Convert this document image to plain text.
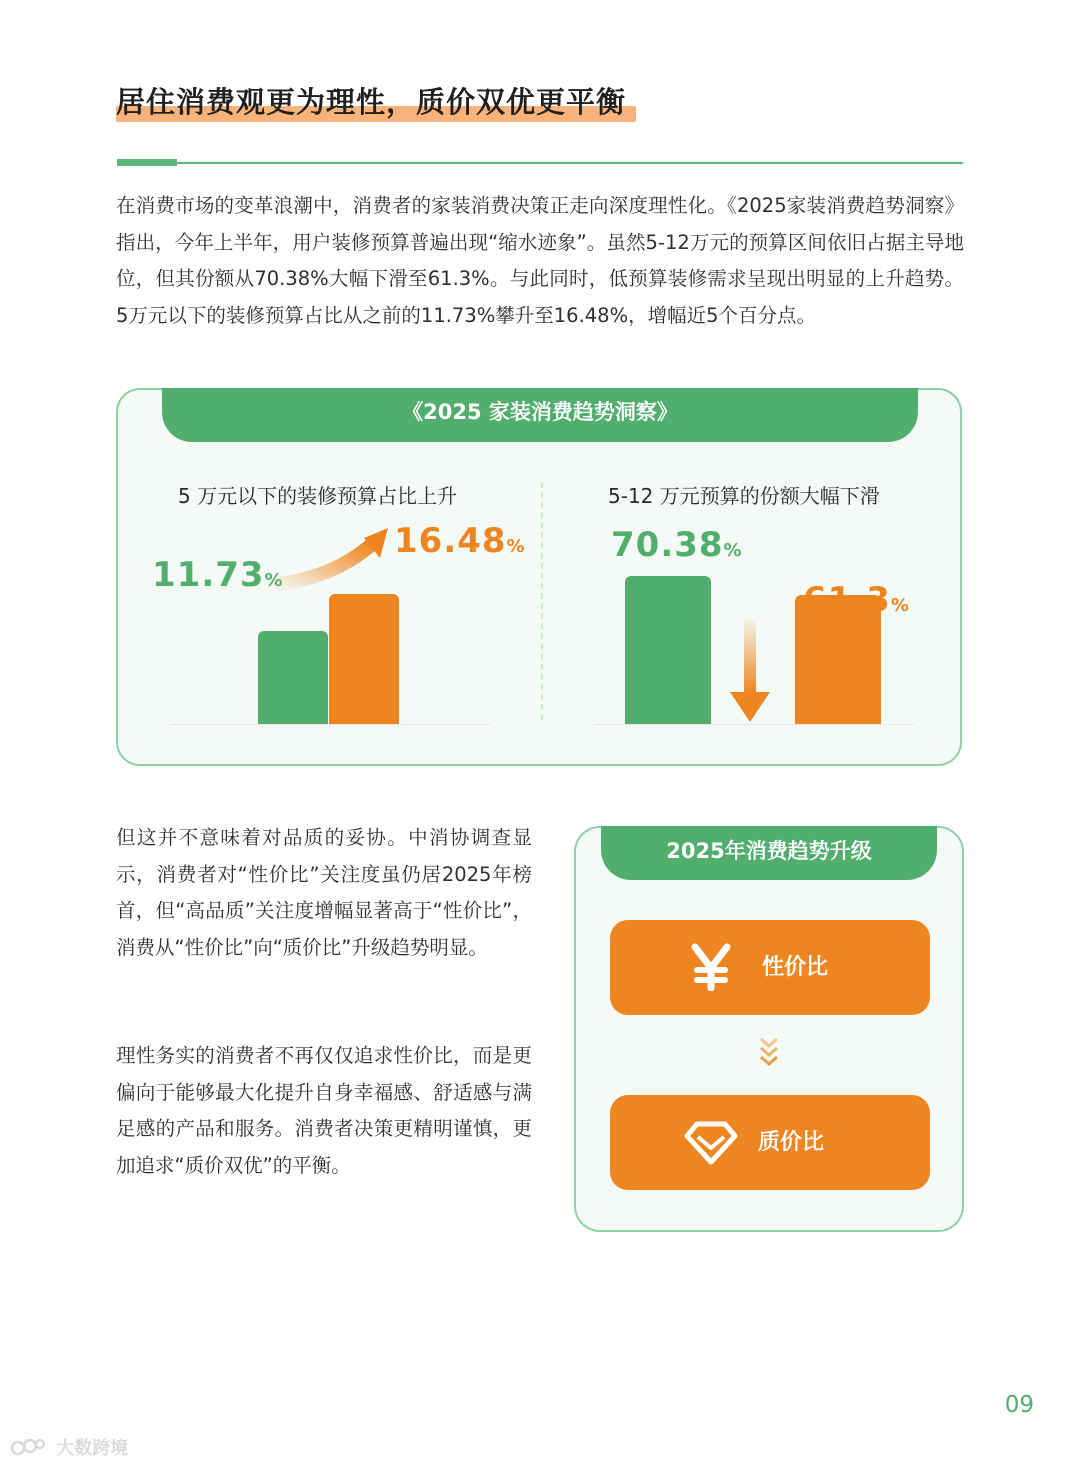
居住消费观更为理性，质价双优更平衡

在消费市场的变革浪潮中，消费者的家装消费决策正走向深度理性化。《2025家装消费趋势洞察》指出，今年上半年，用户装修预算普遍出现“缩水迹象”。虽然5-12万元的预算区间依旧占据主导地位，但其份额从70.38%大幅下滑至61.3%。与此同时，低预算装修需求呈现出明显的上升趋势。5万元以下的装修预算占比从之前的11.73%攀升至16.48%，增幅近5个百分点。

《2025 家装消费趋势洞察》
5 万元以下的装修预算占比上升
11.73%
16.48%
5-12 万元预算的份额大幅下滑
70.38%
61.3%

但这并不意味着对品质的妥协。中消协调查显示，消费者对“性价比”关注度虽仍居2025年榜首，但“高品质”关注度增幅显著高于“性价比”，消费从“性价比”向“质价比”升级趋势明显。

理性务实的消费者不再仅仅追求性价比，而是更偏向于能够最大化提升自身幸福感、舒适感与满足感的产品和服务。消费者决策更精明谨慎，更加追求“质价双优”的平衡。

2025年消费趋势升级
性价比
质价比
09
大数跨境
